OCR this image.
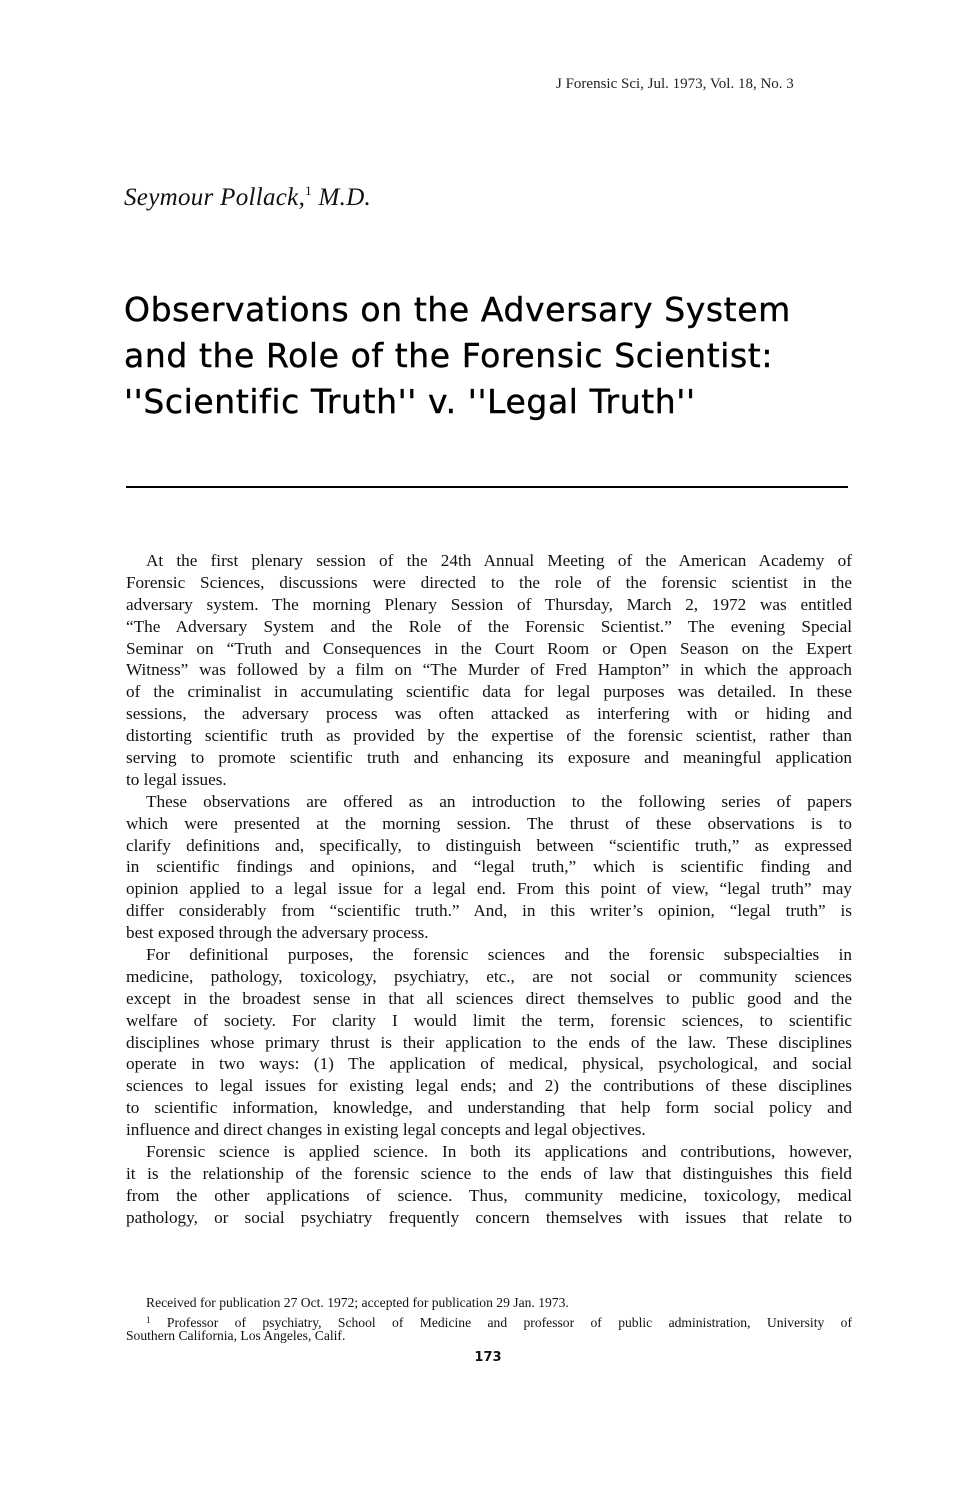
J Forensic Sci, Jul. 1973, Vol. 18, No. 3
Seymour Pollack,$^1$ M.D.
Observations on the Adversary System
and the Role of the Forensic Scientist:
''Scientific Truth'' v. ''Legal Truth''
At the first plenary session of the 24th Annual Meeting of the American Academy of
Forensic Sciences, discussions were directed to the role of the forensic scientist in the
adversary system. The morning Plenary Session of Thursday, March 2, 1972 was entitled
“The Adversary System and the Role of the Forensic Scientist.” The evening Special
Seminar on “Truth and Consequences in the Court Room or Open Season on the Expert
Witness” was followed by a film on “The Murder of Fred Hampton” in which the approach
of the criminalist in accumulating scientific data for legal purposes was detailed. In these
sessions, the adversary process was often attacked as interfering with or hiding and
distorting scientific truth as provided by the expertise of the forensic scientist, rather than
serving to promote scientific truth and enhancing its exposure and meaningful application
to legal issues.
These observations are offered as an introduction to the following series of papers
which were presented at the morning session. The thrust of these observations is to
clarify definitions and, specifically, to distinguish between “scientific truth,” as expressed
in scientific findings and opinions, and “legal truth,” which is scientific finding and
opinion applied to a legal issue for a legal end. From this point of view, “legal truth” may
differ considerably from “scientific truth.” And, in this writer’s opinion, “legal truth” is
best exposed through the adversary process.
For definitional purposes, the forensic sciences and the forensic subspecialties in
medicine, pathology, toxicology, psychiatry, etc., are not social or community sciences
except in the broadest sense in that all sciences direct themselves to public good and the
welfare of society. For clarity I would limit the term, forensic sciences, to scientific
disciplines whose primary thrust is their application to the ends of the law. These disciplines
operate in two ways: (1) The application of medical, physical, psychological, and social
sciences to legal issues for existing legal ends; and 2) the contributions of these disciplines
to scientific information, knowledge, and understanding that help form social policy and
influence and direct changes in existing legal concepts and legal objectives.
Forensic science is applied science. In both its applications and contributions, however,
it is the relationship of the forensic science to the ends of law that distinguishes this field
from the other applications of science. Thus, community medicine, toxicology, medical
pathology, or social psychiatry frequently concern themselves with issues that relate to
Received for publication 27 Oct. 1972; accepted for publication 29 Jan. 1973.
$^1$ Professor of psychiatry, School of Medicine and professor of public administration, University of
Southern California, Los Angeles, Calif.
173
